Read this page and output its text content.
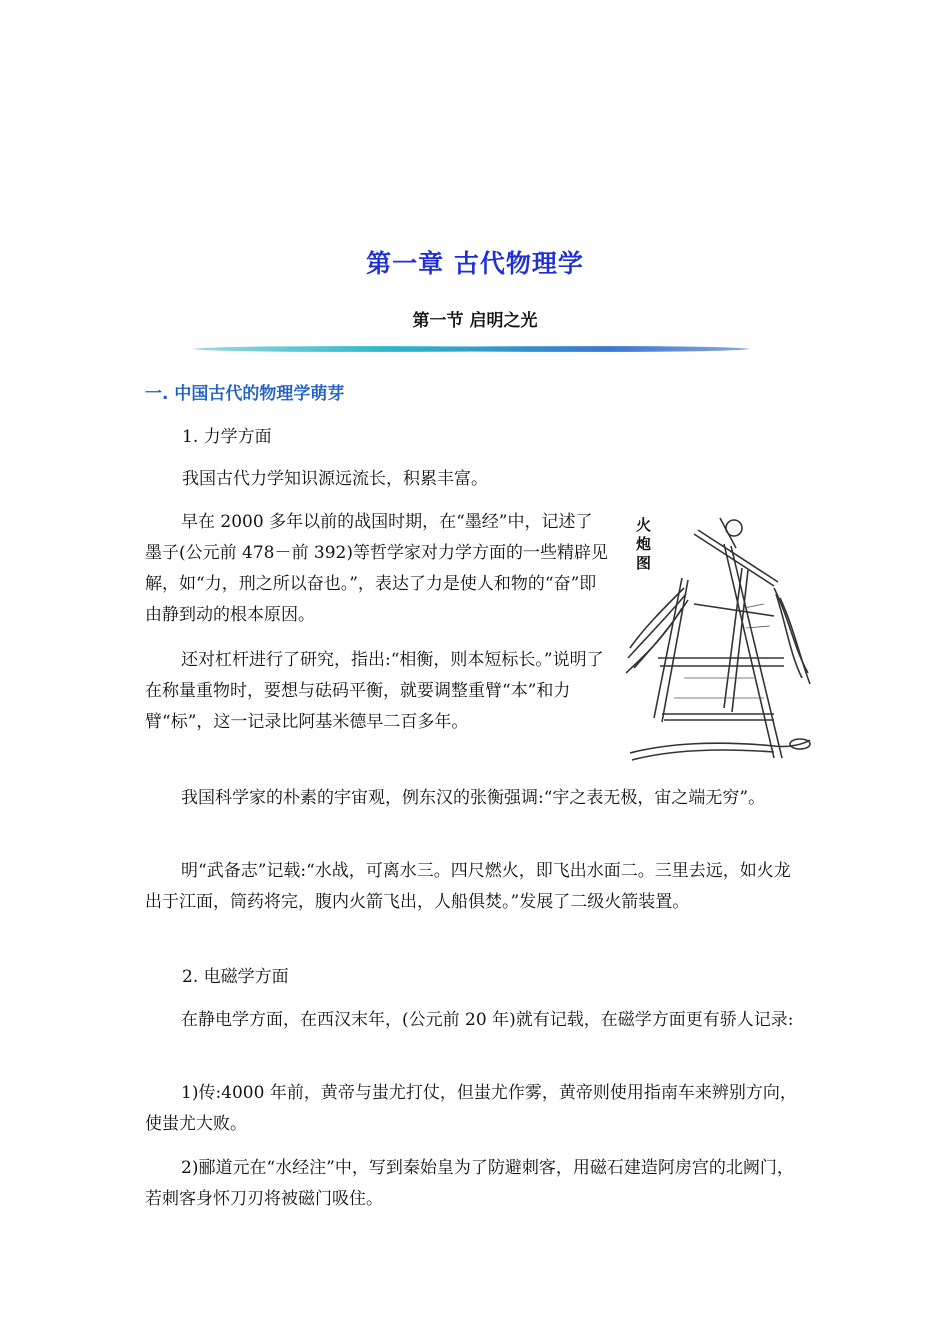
第一章 古代物理学
第一节 启明之光
一. 中国古代的物理学萌芽

1. 力学方面

我国古代力学知识源远流长，积累丰富。

早在 2000 多年以前的战国时期，在“墨经”中，记述了墨子(公元前 478－前 392)等哲学家对力学方面的一些精辟见解，如“力，刑之所以奋也。”，表达了力是使人和物的“奋”即由静到动的根本原因。

还对杠杆进行了研究，指出:“相衡，则本短标长。”说明了在称量重物时，要想与砝码平衡，就要调整重臂“本”和力臂“标”，这一记录比阿基米德早二百多年。

火炮图

我国科学家的朴素的宇宙观，例东汉的张衡强调:“宇之表无极，宙之端无穷”。

明“武备志”记载:“水战，可离水三。四尺燃火，即飞出水面二。三里去远，如火龙出于江面，筒药将完，腹内火箭飞出，人船俱焚。”发展了二级火箭装置。

2. 电磁学方面

在静电学方面，在西汉末年，(公元前 20 年)就有记载，在磁学方面更有骄人记录:

1)传:4000 年前，黄帝与蚩尤打仗，但蚩尤作雾，黄帝则使用指南车来辨别方向，使蚩尤大败。

2)郦道元在“水经注”中，写到秦始皇为了防避刺客，用磁石建造阿房宫的北阙门，若刺客身怀刀刃将被磁门吸住。
